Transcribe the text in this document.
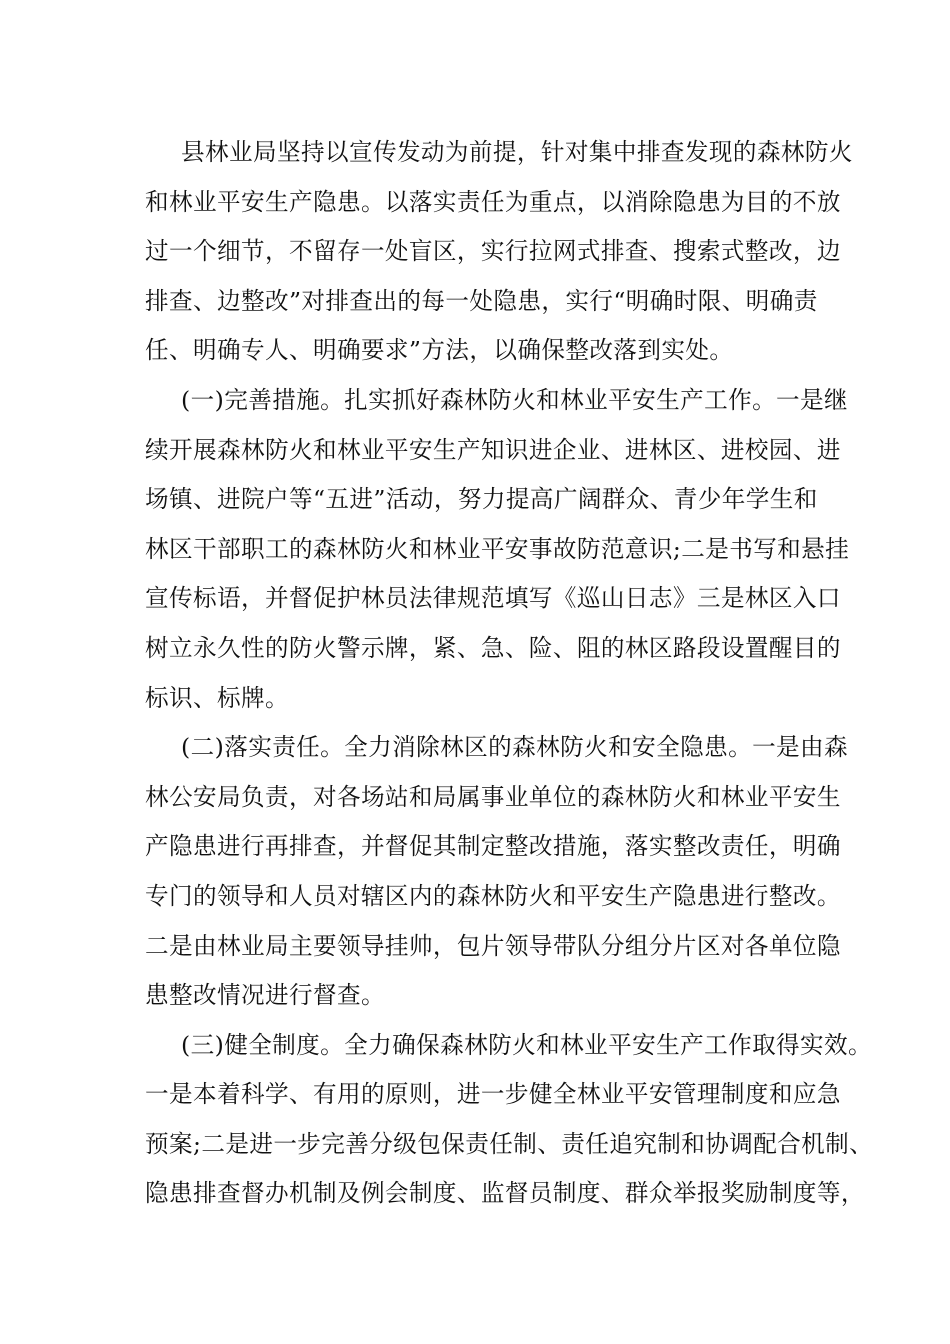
县林业局坚持以宣传发动为前提，针对集中排查发现的森林防火
和林业平安生产隐患。以落实责任为重点，以消除隐患为目的不放
过一个细节，不留存一处盲区，实行拉网式排查、搜索式整改，边
排查、边整改”对排查出的每一处隐患，实行“明确时限、明确责
任、明确专人、明确要求”方法，以确保整改落到实处。

(一)完善措施。扎实抓好森林防火和林业平安生产工作。一是继
续开展森林防火和林业平安生产知识进企业、进林区、进校园、进
场镇、进院户等“五进”活动，努力提高广阔群众、青少年学生和
林区干部职工的森林防火和林业平安事故防范意识;二是书写和悬挂
宣传标语，并督促护林员法律规范填写《巡山日志》三是林区入口
树立永久性的防火警示牌，紧、急、险、阻的林区路段设置醒目的
标识、标牌。

(二)落实责任。全力消除林区的森林防火和安全隐患。一是由森
林公安局负责，对各场站和局属事业单位的森林防火和林业平安生
产隐患进行再排查，并督促其制定整改措施，落实整改责任，明确
专门的领导和人员对辖区内的森林防火和平安生产隐患进行整改。
二是由林业局主要领导挂帅，包片领导带队分组分片区对各单位隐
患整改情况进行督查。

(三)健全制度。全力确保森林防火和林业平安生产工作取得实效。
一是本着科学、有用的原则，进一步健全林业平安管理制度和应急
预案;二是进一步完善分级包保责任制、责任追究制和协调配合机制、
隐患排查督办机制及例会制度、监督员制度、群众举报奖励制度等，
